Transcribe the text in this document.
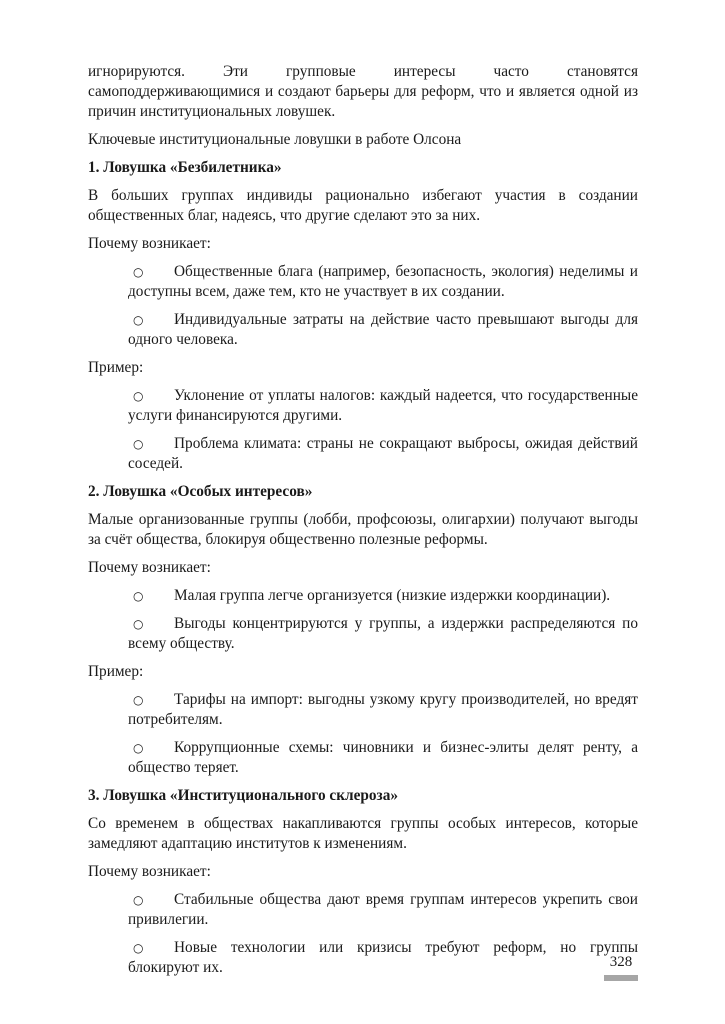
игнорируются. Эти групповые интересы часто становятся

самоподдерживающимися и создают барьеры для реформ, что и является одной из причин институциональных ловушек.

Ключевые институциональные ловушки в работе Олсона

1. Ловушка «Безбилетника»

В больших группах индивиды рационально избегают участия в создании общественных благ, надеясь, что другие сделают это за них.

Почему возникает:

○	Общественные блага (например, безопасность, экология) неделимы и доступны всем, даже тем, кто не участвует в их создании.
○	Индивидуальные затраты на действие часто превышают выгоды для одного человека.

Пример:

○	Уклонение от уплаты налогов: каждый надеется, что государственные услуги финансируются другими.
○	Проблема климата: страны не сокращают выбросы, ожидая действий соседей.
2. Ловушка «Особых интересов»

Малые организованные группы (лобби, профсоюзы, олигархии) получают выгоды за счёт общества, блокируя общественно полезные реформы.

Почему возникает:

○	Малая группа легче организуется (низкие издержки координации).
○	Выгоды концентрируются у группы, а издержки распределяются по всему обществу.

Пример:

○	Тарифы на импорт: выгодны узкому кругу производителей, но вредят потребителям.
○	Коррупционные схемы: чиновники и бизнес-элиты делят ренту, а общество теряет.
3. Ловушка «Институционального склероза»

Со временем в обществах накапливаются группы особых интересов, которые замедляют адаптацию институтов к изменениям.

Почему возникает:

○	Стабильные общества дают время группам интересов укрепить свои привилегии.
○	Новые технологии или кризисы требуют реформ, но группы блокируют их.	328
